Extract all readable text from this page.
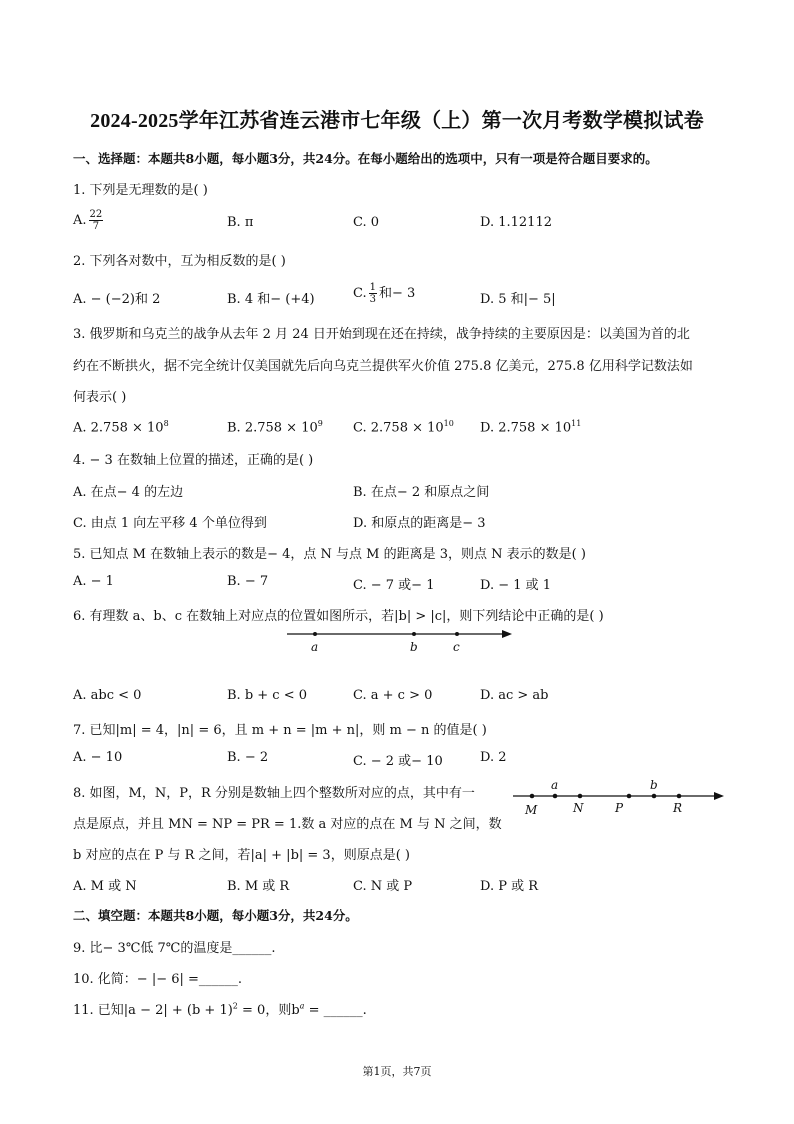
2024-2025学年江苏省连云港市七年级（上）第一次月考数学模拟试卷
一、选择题：本题共8小题，每小题3分，共24分。在每小题给出的选项中，只有一项是符合题目要求的。
1. 下列是无理数的是( )
A. $\frac{22}{7}$	B. π	C. 0	D. 1.12112
2. 下列各对数中，互为相反数的是( )
A. − (−2)和 2	B. 4 和− (+4)	C. $\frac{1}{3}$ 和− 3	D. 5 和|− 5|
3. 俄罗斯和乌克兰的战争从去年 2 月 24 日开始到现在还在持续，战争持续的主要原因是：以美国为首的北
约在不断拱火，据不完全统计仅美国就先后向乌克兰提供军火价值 275.8 亿美元，275.8 亿用科学记数法如
何表示( )
A. $2.758 \times 10^8$	B. $2.758 \times 10^9$ C. $2.758 \times 10^{10}$ D. $2.758 \times 10^{11}$
4. − 3 在数轴上位置的描述，正确的是( )
A. 在点− 4 的左边	B. 在点− 2 和原点之间
C. 由点 1 向左平移 4 个单位得到	D. 和原点的距离是− 3
5. 已知点 M 在数轴上表示的数是− 4，点 N 与点 M 的距离是 3，则点 N 表示的数是( )
A. − 1	B. − 7	C. − 7 或− 1	D. − 1 或 1
6. 有理数 a、b、c 在数轴上对应点的位置如图所示，若|b| > |c|，则下列结论中正确的是( )
a	b	c
A. abc < 0	B. b + c < 0	C. a + c > 0	D. ac > ab
7. 已知|m| = 4，|n| = 6，且 m + n = |m + n|，则 m − n 的值是( )
A. − 10	B. − 2	C. − 2 或− 10	D. 2
8. 如图，M，N，P，R 分别是数轴上四个整数所对应的点，其中有一
点是原点，并且 MN = NP = PR = 1.数 a 对应的点在 M 与 N 之间，数
b 对应的点在 P 与 R 之间，若|a| + |b| = 3，则原点是( )
M
a
N	P
b
R
A. M 或 N	B. M 或 R	C. N 或 P	D. P 或 R
二、填空题：本题共8小题，每小题3分，共24分。
9. 比− 3℃低 7℃的温度是______.
10. 化简：− |− 6| =______.
11. 已知$|a - 2| + (b + 1)^2 = 0$，则$b^a$ = ______.
第1页，共7页
